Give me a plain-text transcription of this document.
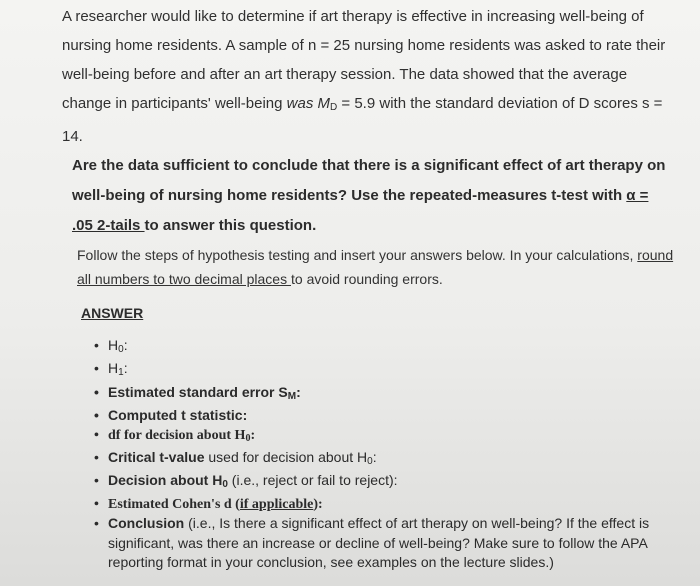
A researcher would like to determine if art therapy is effective in increasing well-being of nursing home residents. A sample of n = 25 nursing home residents was asked to rate their well-being before and after an art therapy session. The data showed that the average change in participants' well-being was $M_D = 5.9$ with the standard deviation of D scores s = 14.
Are the data sufficient to conclude that there is a significant effect of art therapy on well-being of nursing home residents? Use the repeated-measures t-test with α = .05 2-tails to answer this question.
Follow the steps of hypothesis testing and insert your answers below. In your calculations, round all numbers to two decimal places to avoid rounding errors.
ANSWER
• $H_0$:
• $H_1$:
• Estimated standard error $S_M$:
• Computed t statistic:
• df for decision about $H_0$:
• Critical t-value used for decision about $H_0$:
• Decision about $H_0$ (i.e., reject or fail to reject):
• Estimated Cohen's d (if applicable):
• Conclusion (i.e., Is there a significant effect of art therapy on well-being? If the effect is significant, was there an increase or decline of well-being? Make sure to follow the APA reporting format in your conclusion, see examples on the lecture slides.)
